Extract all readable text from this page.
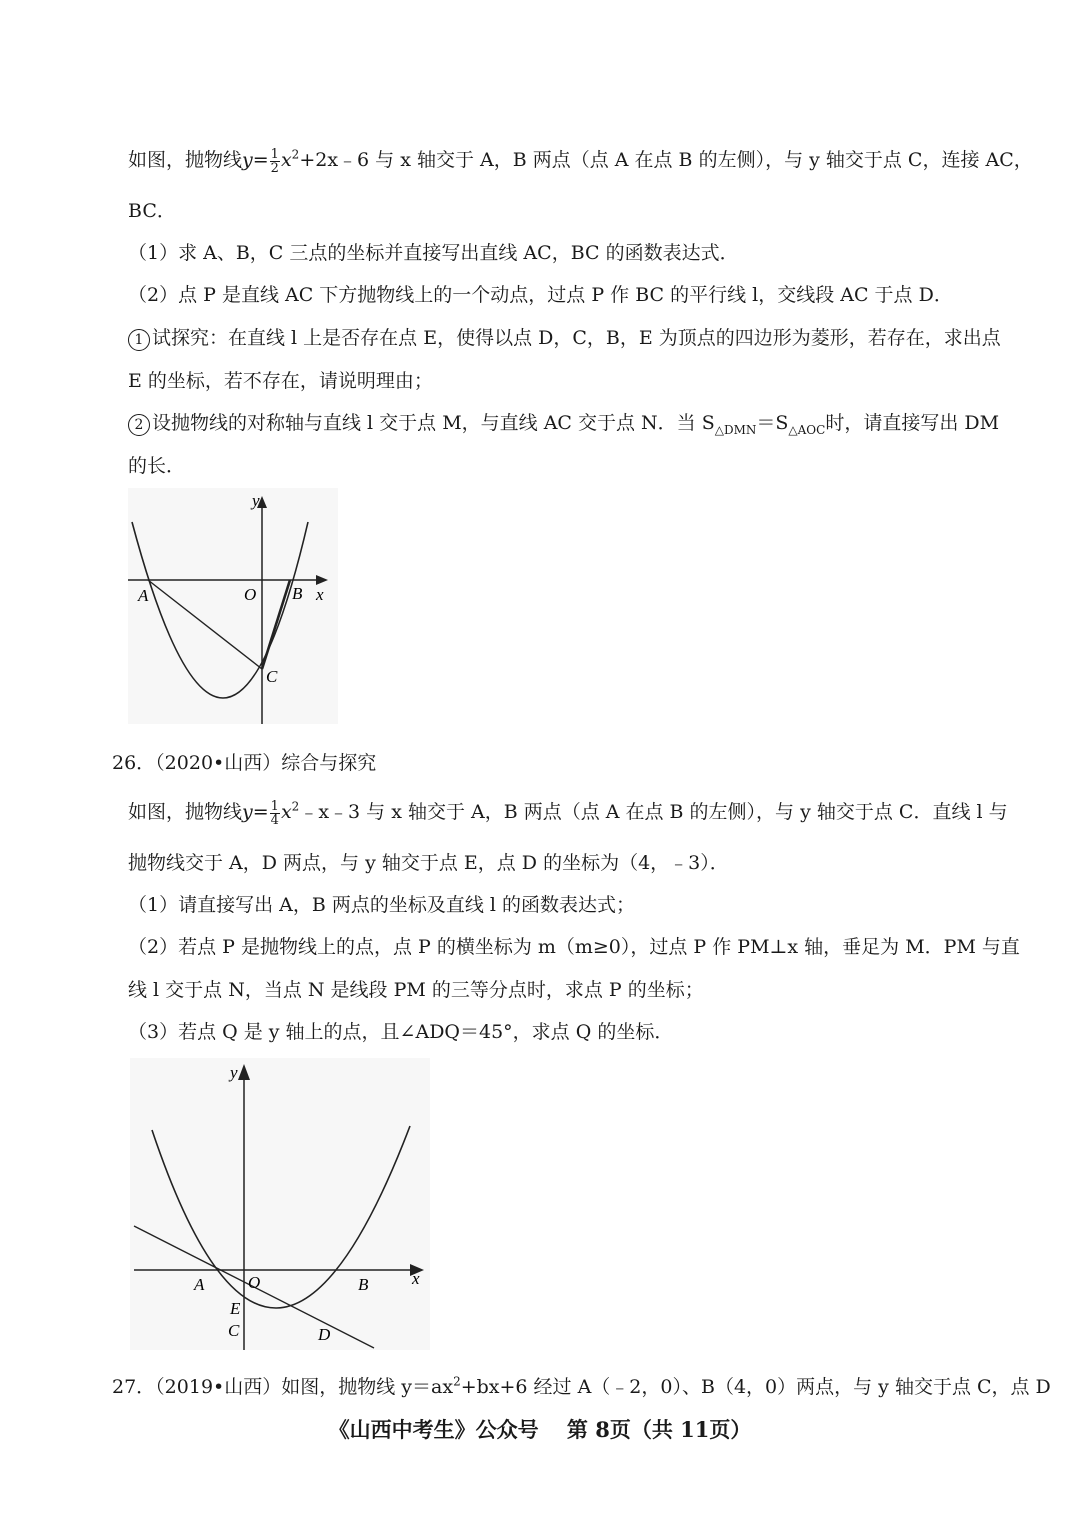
如图，抛物线$y= \frac{1}{2}$ $x^2+2x﹣6$ 与 x 轴交于 A，B 两点（点 A 在点 B 的左侧），与 y 轴交于点 C，连接 AC，
BC．
（1）求 A、B，C 三点的坐标并直接写出直线 AC，BC 的函数表达式．
（2）点 P 是直线 AC 下方抛物线上的一个动点，过点 P 作 BC 的平行线 l，交线段 AC 于点 D．
1 试探究：在直线 l 上是否存在点 E，使得以点 D，C，B，E 为顶点的四边形为菱形，若存在，求出点
E 的坐标，若不存在，请说明理由；
2 设抛物线的对称轴与直线 l 交于点 M，与直线 AC 交于点 N．当 $S_{\triangle DMN}=S_{\triangle AOC}$时，请直接写出 DM
的长．
y
x
O
A	B
C
26．（2020•山西）综合与探究
如图，抛物线$y= \frac{1}{4}$ $x^2﹣x﹣3$ 与 x 轴交于 A，B 两点（点 A 在点 B 的左侧），与 y 轴交于点 C．直线 l 与
抛物线交于 A，D 两点，与 y 轴交于点 E，点 D 的坐标为（4，﹣3）．
（1）请直接写出 A，B 两点的坐标及直线 l 的函数表达式；
（2）若点 P 是抛物线上的点，点 P 的横坐标为 m（m≥0），过点 P 作 PM⊥x 轴，垂足为 M．PM 与直
线 l 交于点 N，当点 N 是线段 PM 的三等分点时，求点 P 的坐标；
（3）若点 Q 是 y 轴上的点，且∠ADQ＝45°，求点 Q 的坐标．
y
x
O
A	B
E
C	D
27．（2019•山西）如图，抛物线 $y=ax^2+bx+6$ 经过 A（﹣2，0）、B（4，0）两点，与 y 轴交于点 C，点 D
《山西中考生》公众号　 第 8页（共 11页）
